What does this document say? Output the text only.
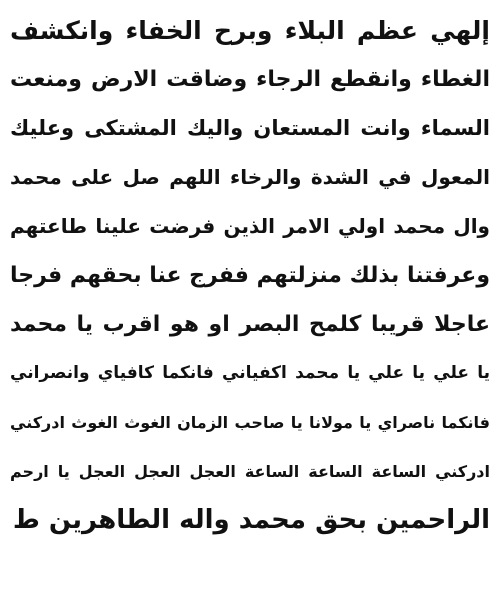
إلهي عظم البلاء وبرح الخفاء وانكشف
الغطاء وانقطع الرجاء وضاقت الارض ومنعت
السماء وانت المستعان واليك المشتكى وعليك
المعول في الشدة والرخاء اللهم صل على محمد
وال محمد اولي الامر الذين فرضت علينا طاعتهم
وعرفتنا بذلك منزلتهم ففرج عنا بحقهم فرجا
عاجلا قريبا كلمح البصر او هو اقرب يا محمد
يا علي يا علي يا محمد اكفياني فانكما كافياي وانصراني
فانكما ناصراي يا مولانا يا صاحب الزمان الغوث الغوث ادركني
ادركني الساعة الساعة الساعة العجل العجل العجل يا ارحم
الراحمين بحق محمد واله الطاهرين ﻁ
